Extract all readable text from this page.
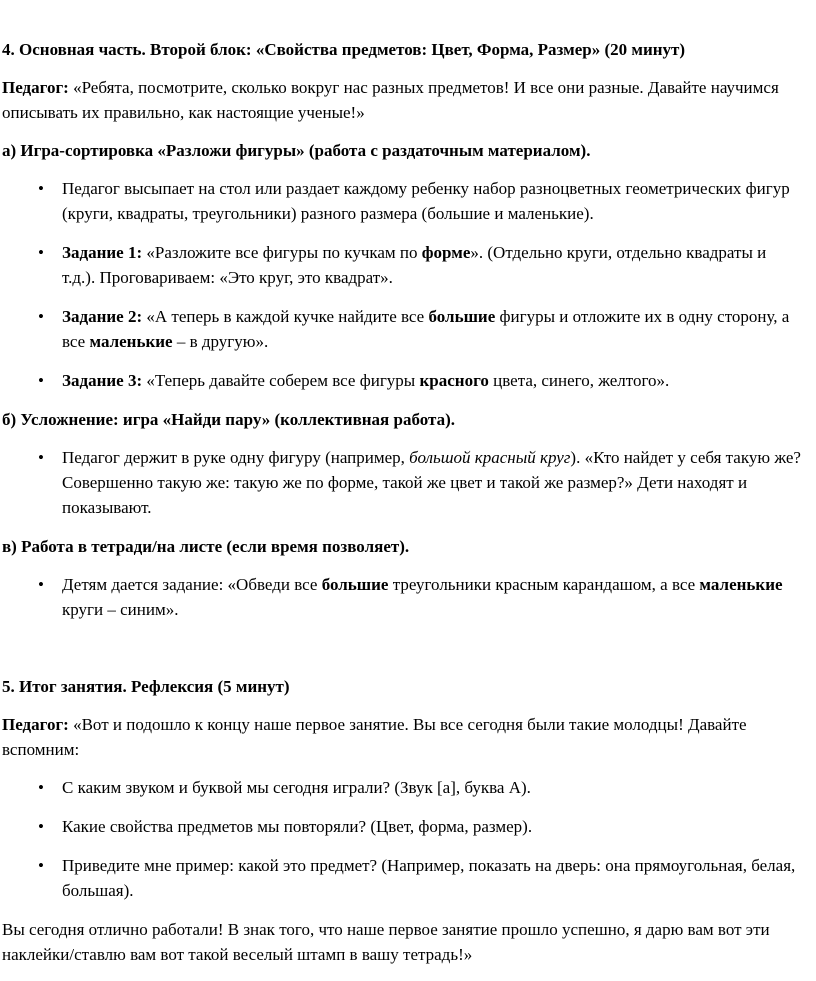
4. Основная часть. Второй блок: «Свойства предметов: Цвет, Форма, Размер» (20 минут)
Педагог: «Ребята, посмотрите, сколько вокруг нас разных предметов! И все они разные. Давайте научимся описывать их правильно, как настоящие ученые!»
а) Игра-сортировка «Разложи фигуры» (работа с раздаточным материалом).
• Педагог высыпает на стол или раздает каждому ребенку набор разноцветных геометрических фигур (круги, квадраты, треугольники) разного размера (большие и маленькие).
• Задание 1: «Разложите все фигуры по кучкам по форме». (Отдельно круги, отдельно квадраты и т.д.). Проговариваем: «Это круг, это квадрат».
• Задание 2: «А теперь в каждой кучке найдите все большие фигуры и отложите их в одну сторону, а все маленькие – в другую».
• Задание 3: «Теперь давайте соберем все фигуры красного цвета, синего, желтого».
б) Усложнение: игра «Найди пару» (коллективная работа).
• Педагог держит в руке одну фигуру (например, большой красный круг). «Кто найдет у себя такую же? Совершенно такую же: такую же по форме, такой же цвет и такой же размер?» Дети находят и показывают.
в) Работа в тетради/на листе (если время позволяет).
• Детям дается задание: «Обведи все большие треугольники красным карандашом, а все маленькие круги – синим».
5. Итог занятия. Рефлексия (5 минут)
Педагог: «Вот и подошло к концу наше первое занятие. Вы все сегодня были такие молодцы! Давайте вспомним:
• С каким звуком и буквой мы сегодня играли? (Звук [а], буква А).
• Какие свойства предметов мы повторяли? (Цвет, форма, размер).
• Приведите мне пример: какой это предмет? (Например, показать на дверь: она прямоугольная, белая, большая).
Вы сегодня отлично работали! В знак того, что наше первое занятие прошло успешно, я дарю вам вот эти наклейки/ставлю вам вот такой веселый штамп в вашу тетрадь!»
